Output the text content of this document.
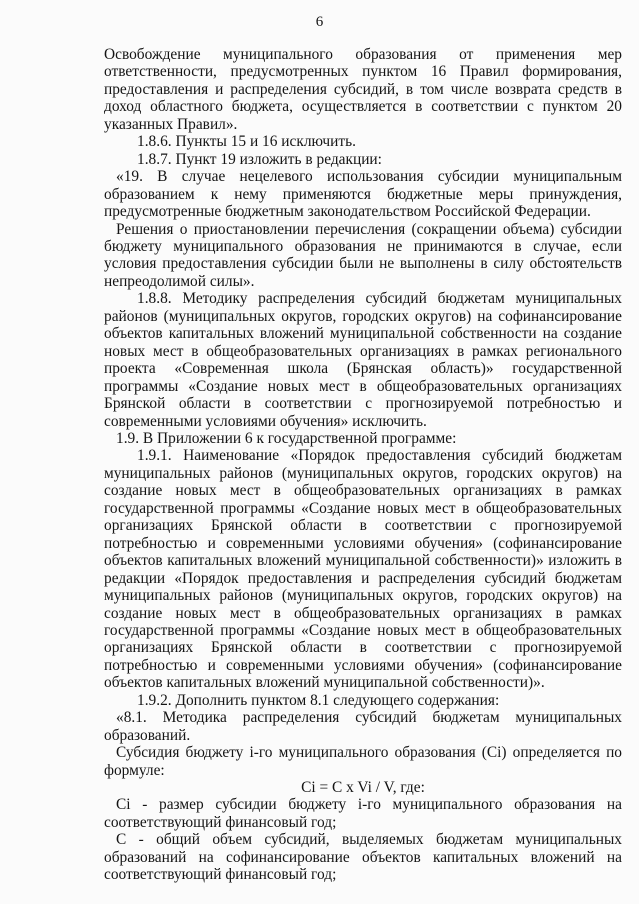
6

Освобождение муниципального образования от применения мер ответственности, предусмотренных пунктом 16 Правил формирования, предоставления и распределения субсидий, в том числе возврата средств в доход областного бюджета, осуществляется в соответствии с пунктом 20 указанных Правил».

1.8.6. Пункты 15 и 16 исключить.

1.8.7. Пункт 19 изложить в редакции:

«19. В случае нецелевого использования субсидии муниципальным образованием к нему применяются бюджетные меры принуждения, предусмотренные бюджетным законодательством Российской Федерации.

Решения о приостановлении перечисления (сокращении объема) субсидии бюджету муниципального образования не принимаются в случае, если условия предоставления субсидии были не выполнены в силу обстоятельств непреодолимой силы».

1.8.8. Методику распределения субсидий бюджетам муниципальных районов (муниципальных округов, городских округов) на софинансирование объектов капитальных вложений муниципальной собственности на создание новых мест в общеобразовательных организациях в рамках регионального проекта «Современная школа (Брянская область)» государственной программы «Создание новых мест в общеобразовательных организациях Брянской области в соответствии с прогнозируемой потребностью и современными условиями обучения» исключить.

1.9. В Приложении 6 к государственной программе:

1.9.1. Наименование «Порядок предоставления субсидий бюджетам муниципальных районов (муниципальных округов, городских округов) на создание новых мест в общеобразовательных организациях в рамках государственной программы «Создание новых мест в общеобразовательных организациях Брянской области в соответствии с прогнозируемой потребностью и современными условиями обучения» (софинансирование объектов капитальных вложений муниципальной собственности)» изложить в редакции «Порядок предоставления и распределения субсидий бюджетам муниципальных районов (муниципальных округов, городских округов) на создание новых мест в общеобразовательных организациях в рамках государственной программы «Создание новых мест в общеобразовательных организациях Брянской области в соответствии с прогнозируемой потребностью и современными условиями обучения» (софинансирование объектов капитальных вложений муниципальной собственности)».

1.9.2. Дополнить пунктом 8.1 следующего содержания:

«8.1. Методика распределения субсидий бюджетам муниципальных образований.

Субсидия бюджету i-го муниципального образования (Ci) определяется по формуле:

Ci = C x Vi / V, где:

Ci - размер субсидии бюджету i-го муниципального образования на соответствующий финансовый год;

C - общий объем субсидий, выделяемых бюджетам муниципальных образований на софинансирование объектов капитальных вложений на соответствующий финансовый год;
